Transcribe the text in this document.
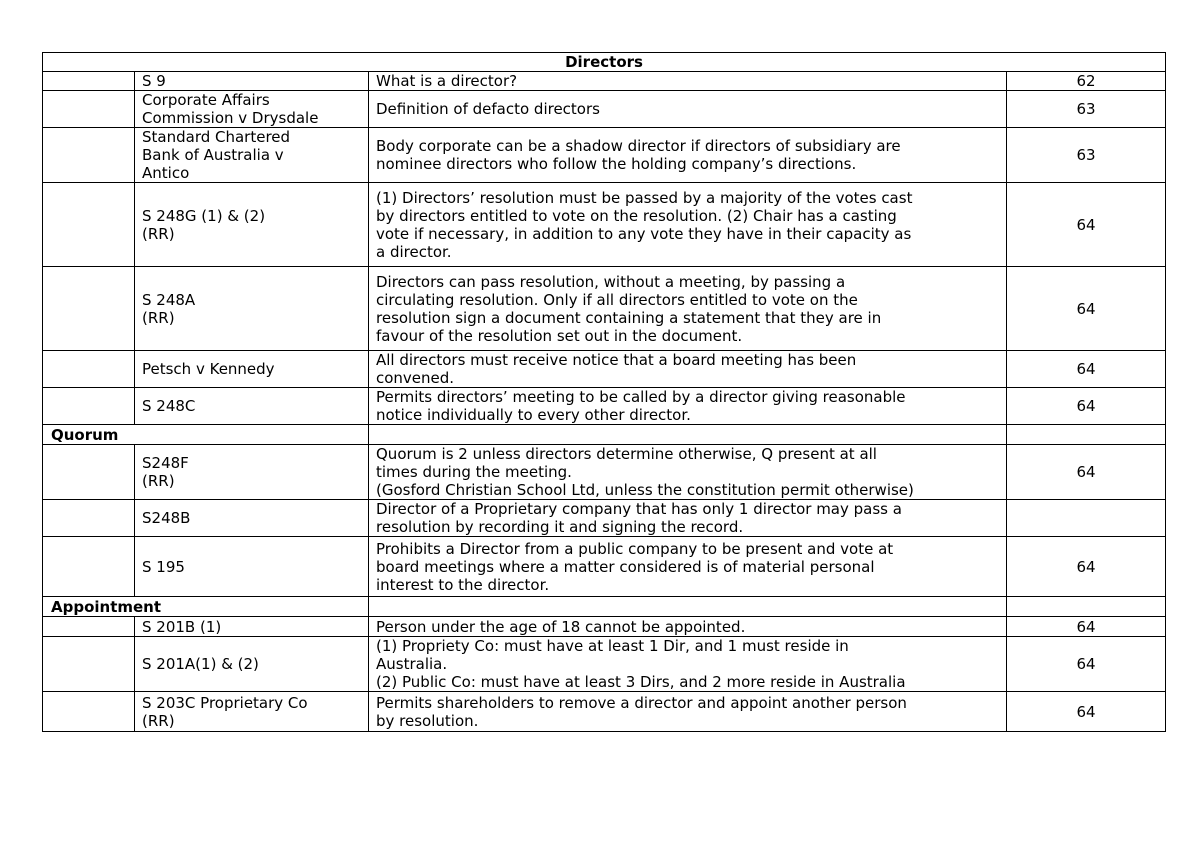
Directors			
	S 9	What is a director?	62
	Corporate Affairs
Commission v Drysdale	Definition of defacto directors	63
	Standard Chartered
Bank of Australia v
Antico	Body corporate can be a shadow director if directors of subsidiary are
nominee directors who follow the holding company’s directions.	63
	S 248G (1) & (2)
(RR)	(1) Directors’ resolution must be passed by a majority of the votes cast
by directors entitled to vote on the resolution. (2) Chair has a casting
vote if necessary, in addition to any vote they have in their capacity as
a director.	64
	S 248A
(RR)	Directors can pass resolution, without a meeting, by passing a
circulating resolution. Only if all directors entitled to vote on the
resolution sign a document containing a statement that they are in
favour of the resolution set out in the document.	64
	Petsch v Kennedy	All directors must receive notice that a board meeting has been
convened.	64
	S 248C	Permits directors’ meeting to be called by a director giving reasonable
notice individually to every other director.	64
Quorum			
	S248F
(RR)	Quorum is 2 unless directors determine otherwise, Q present at all
times during the meeting.
(Gosford Christian School Ltd, unless the constitution permit otherwise)	64
	S248B	Director of a Proprietary company that has only 1 director may pass a
resolution by recording it and signing the record.	
	S 195	Prohibits a Director from a public company to be present and vote at
board meetings where a matter considered is of material personal
interest to the director.	64
Appointment			
	S 201B (1)	Person under the age of 18 cannot be appointed.	64
	S 201A(1) & (2)	(1) Propriety Co: must have at least 1 Dir, and 1 must reside in
Australia.
(2) Public Co: must have at least 3 Dirs, and 2 more reside in Australia	64
	S 203C Proprietary Co
(RR)	Permits shareholders to remove a director and appoint another person
by resolution.	64
